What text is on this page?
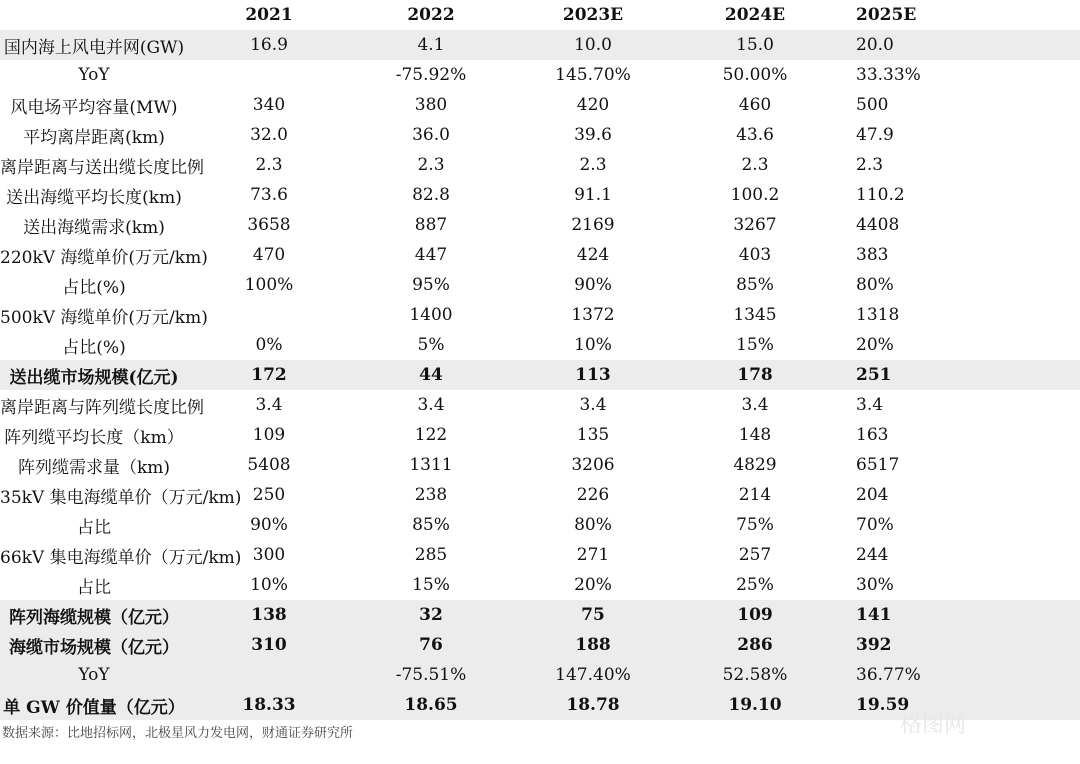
	2021	2022	2023E	2024E	2025E
国内海上风电并网(GW)	16.9	4.1	10.0	15.0	20.0
YoY		-75.92%	145.70%	50.00%	33.33%
风电场平均容量(MW)	340	380	420	460	500
平均离岸距离(km)	32.0	36.0	39.6	43.6	47.9
离岸距离与送出缆长度比例	2.3	2.3	2.3	2.3	2.3
送出海缆平均长度(km)	73.6	82.8	91.1	100.2	110.2
送出海缆需求(km)	3658	887	2169	3267	4408
220kV 海缆单价(万元/km)	470	447	424	403	383
占比(%)	100%	95%	90%	85%	80%
500kV 海缆单价(万元/km)		1400	1372	1345	1318
占比(%)	0%	5%	10%	15%	20%
送出缆市场规模(亿元)	172	44	113	178	251
离岸距离与阵列缆长度比例	3.4	3.4	3.4	3.4	3.4
阵列缆平均长度（km）	109	122	135	148	163
阵列缆需求量（km)	5408	1311	3206	4829	6517
35kV 集电海缆单价（万元/km)	250	238	226	214	204
占比	90%	85%	80%	75%	70%
66kV 集电海缆单价（万元/km)	300	285	271	257	244
占比	10%	15%	20%	25%	30%
阵列海缆规模（亿元）	138	32	75	109	141
海缆市场规模（亿元）	310	76	188	286	392
YoY		-75.51%	147.40%	52.58%	36.77%
单 GW 价值量（亿元）	18.33	18.65	18.78	19.10	19.59
数据来源：比地招标网，北极星风力发电网，财通证券研究所	格图网
